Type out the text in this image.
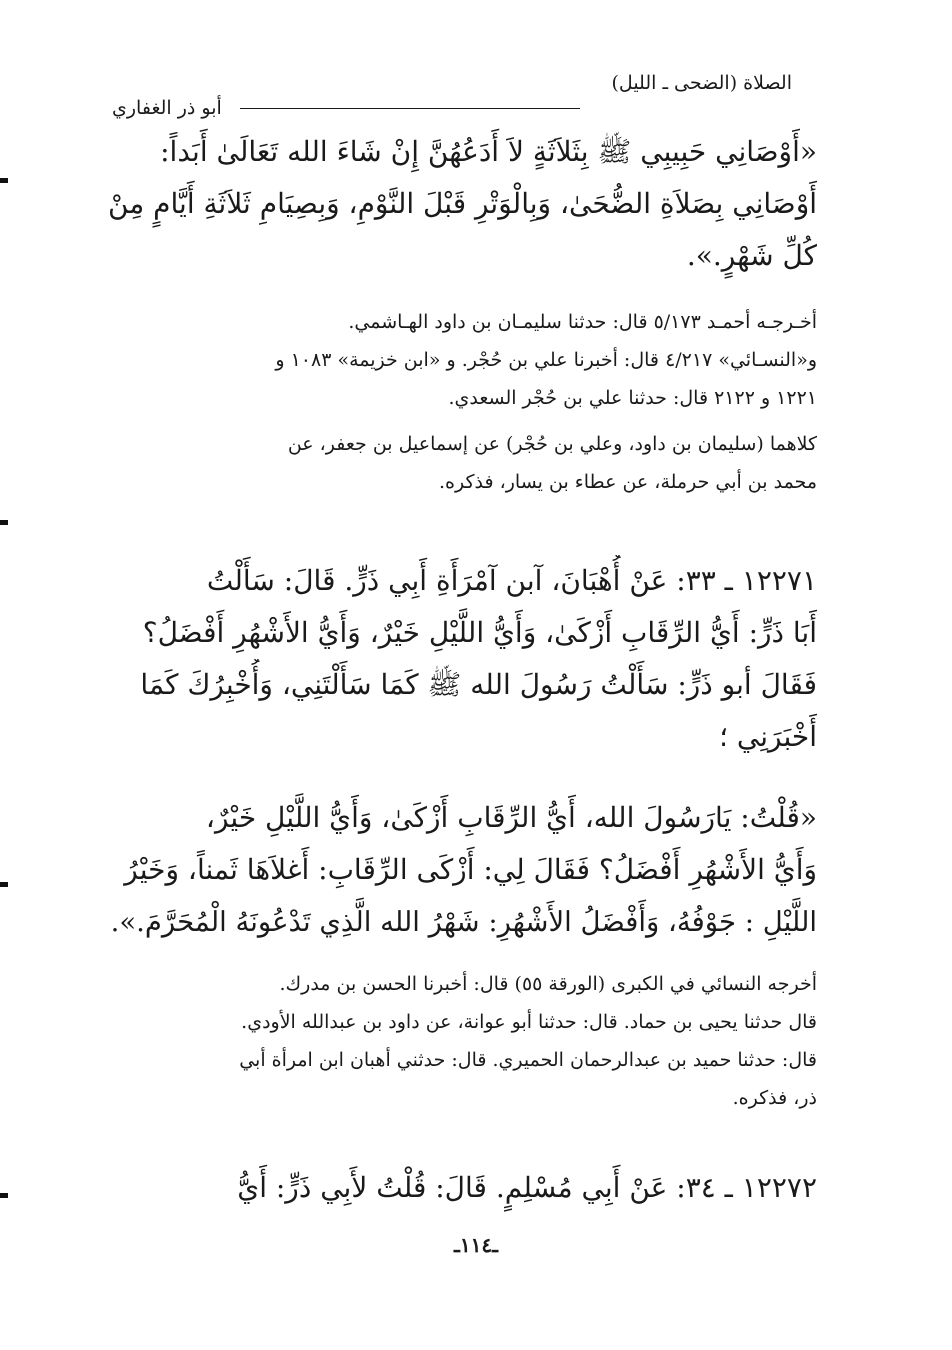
الصلاة (الضحى ـ الليل)
أبو ذر الغفاري
«أَوْصَانِي حَبِيبِي ﷺ بِثَلاَثَةٍ لاَ أَدَعُهُنَّ إِنْ شَاءَ الله تَعَالَىٰ أَبَداً:
أَوْصَانِي بِصَلاَةِ الضُّحَىٰ، وَبِالْوَتْرِ قَبْلَ النَّوْمِ، وَبِصِيَامِ ثَلاَثَةِ أَيَّامٍ مِنْ
كُلِّ شَهْرٍ.».
أخـرجـه أحمـد ٥/١٧٣ قال: حدثنا سليمـان بن داود الهـاشمي.
و«النسـائي» ٤/٢١٧ قال: أخبرنا علي بن حُجْر. و «ابن خزيمة» ١٠٨٣ و
١٢٢١ و ٢١٢٢ قال: حدثنا علي بن حُجْر السعدي.
كلاهما (سليمان بن داود، وعلي بن حُجْر) عن إسماعيل بن جعفر، عن
محمد بن أبي حرملة، عن عطاء بن يسار، فذكره.
١٢٢٧١ ـ ٣٣: عَنْ أُهْبَانَ، آبن آمْرَأَةِ أَبِي ذَرٍّ. قَالَ: سَأَلْتُ
أَبَا ذَرٍّ: أَيُّ الرِّقَابِ أَزْكَىٰ، وَأَيُّ اللَّيْلِ خَيْرٌ، وَأَيُّ الأَشْهُرِ أَفْضَلُ؟
فَقَالَ أبو ذَرٍّ: سَأَلْتُ رَسُولَ الله ﷺ كَمَا سَأَلْتَنِي، وَأُخْبِرُكَ كَمَا
أَخْبَرَنِي ؛
«قُلْتُ: يَارَسُولَ الله، أَيُّ الرِّقَابِ أَزْكَىٰ، وَأَيُّ اللَّيْلِ خَيْرٌ،
وَأَيُّ الأَشْهُرِ أَفْضَلُ؟ فَقَالَ لِي: أَزْكَى الرِّقَابِ: أَغلاَهَا ثَمناً، وَخَيْرُ
اللَّيْلِ : جَوْفُهُ، وَأَفْضَلُ الأَشْهُرِ: شَهْرُ الله الَّذِي تَدْعُونَهُ الْمُحَرَّمَ.».
أخرجه النسائي في الكبرى (الورقة ٥٥) قال: أخبرنا الحسن بن مدرك.
قال حدثنا يحيى بن حماد. قال: حدثنا أبو عوانة، عن داود بن عبدالله الأودي.
قال: حدثنا حميد بن عبدالرحمان الحميري. قال: حدثني أهبان ابن امرأة أبي
ذر، فذكره.
١٢٢٧٢ ـ ٣٤: عَنْ أَبِي مُسْلِمٍ. قَالَ: قُلْتُ لأَبِي ذَرٍّ: أَيُّ
ـ١١٤ـ
